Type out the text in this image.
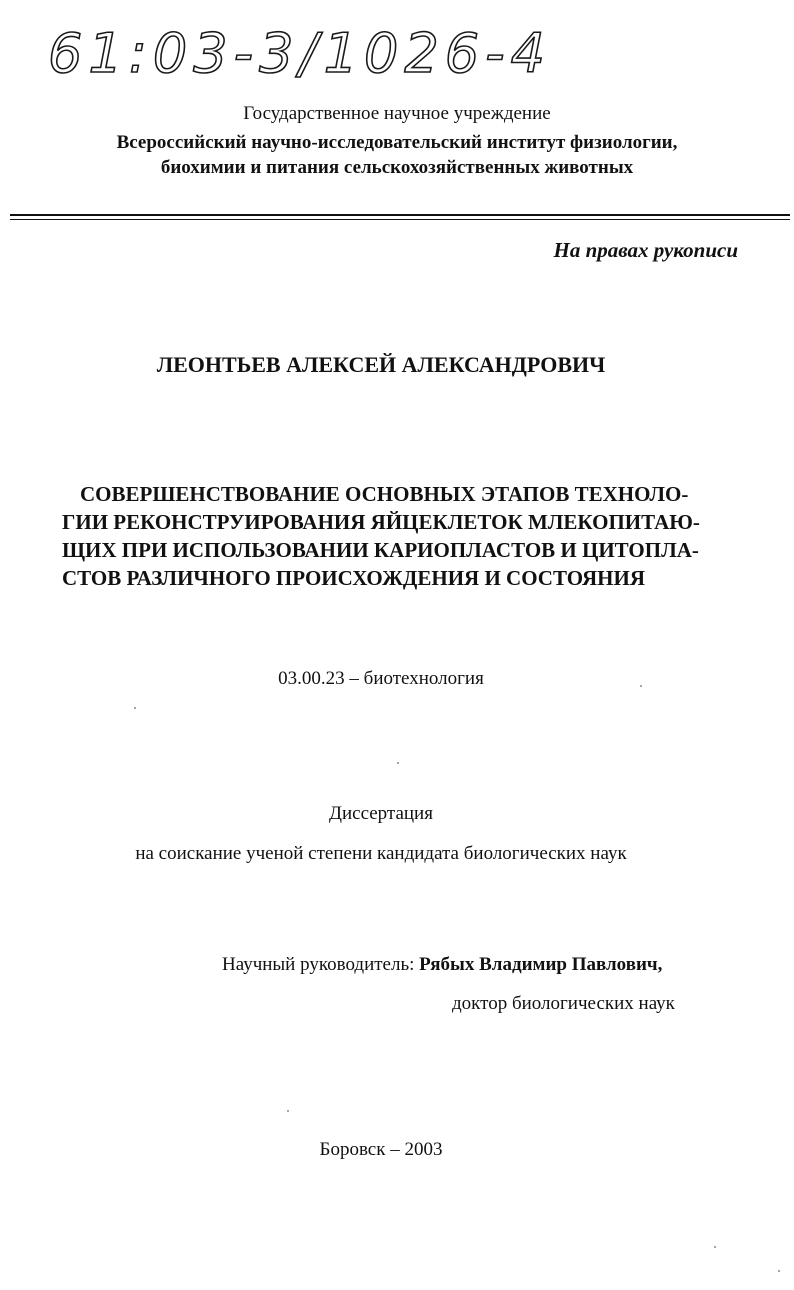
61:03-3/1026-4
Государственное научное учреждение
Всероссийский научно-исследовательский институт физиологии,
биохимии и питания сельскохозяйственных животных
На правах рукописи
ЛЕОНТЬЕВ АЛЕКСЕЙ АЛЕКСАНДРОВИЧ
СОВЕРШЕНСТВОВАНИЕ ОСНОВНЫХ ЭТАПОВ ТЕХНОЛО-
ГИИ РЕКОНСТРУИРОВАНИЯ ЯЙЦЕКЛЕТОК МЛЕКОПИТАЮ-
ЩИХ ПРИ ИСПОЛЬЗОВАНИИ КАРИОПЛАСТОВ И ЦИТОПЛА-
СТОВ РАЗЛИЧНОГО ПРОИСХОЖДЕНИЯ И СОСТОЯНИЯ
03.00.23 – биотехнология
Диссертация
на соискание ученой степени кандидата биологических наук
Научный руководитель: Рябых Владимир Павлович,
доктор биологических наук
Боровск – 2003
